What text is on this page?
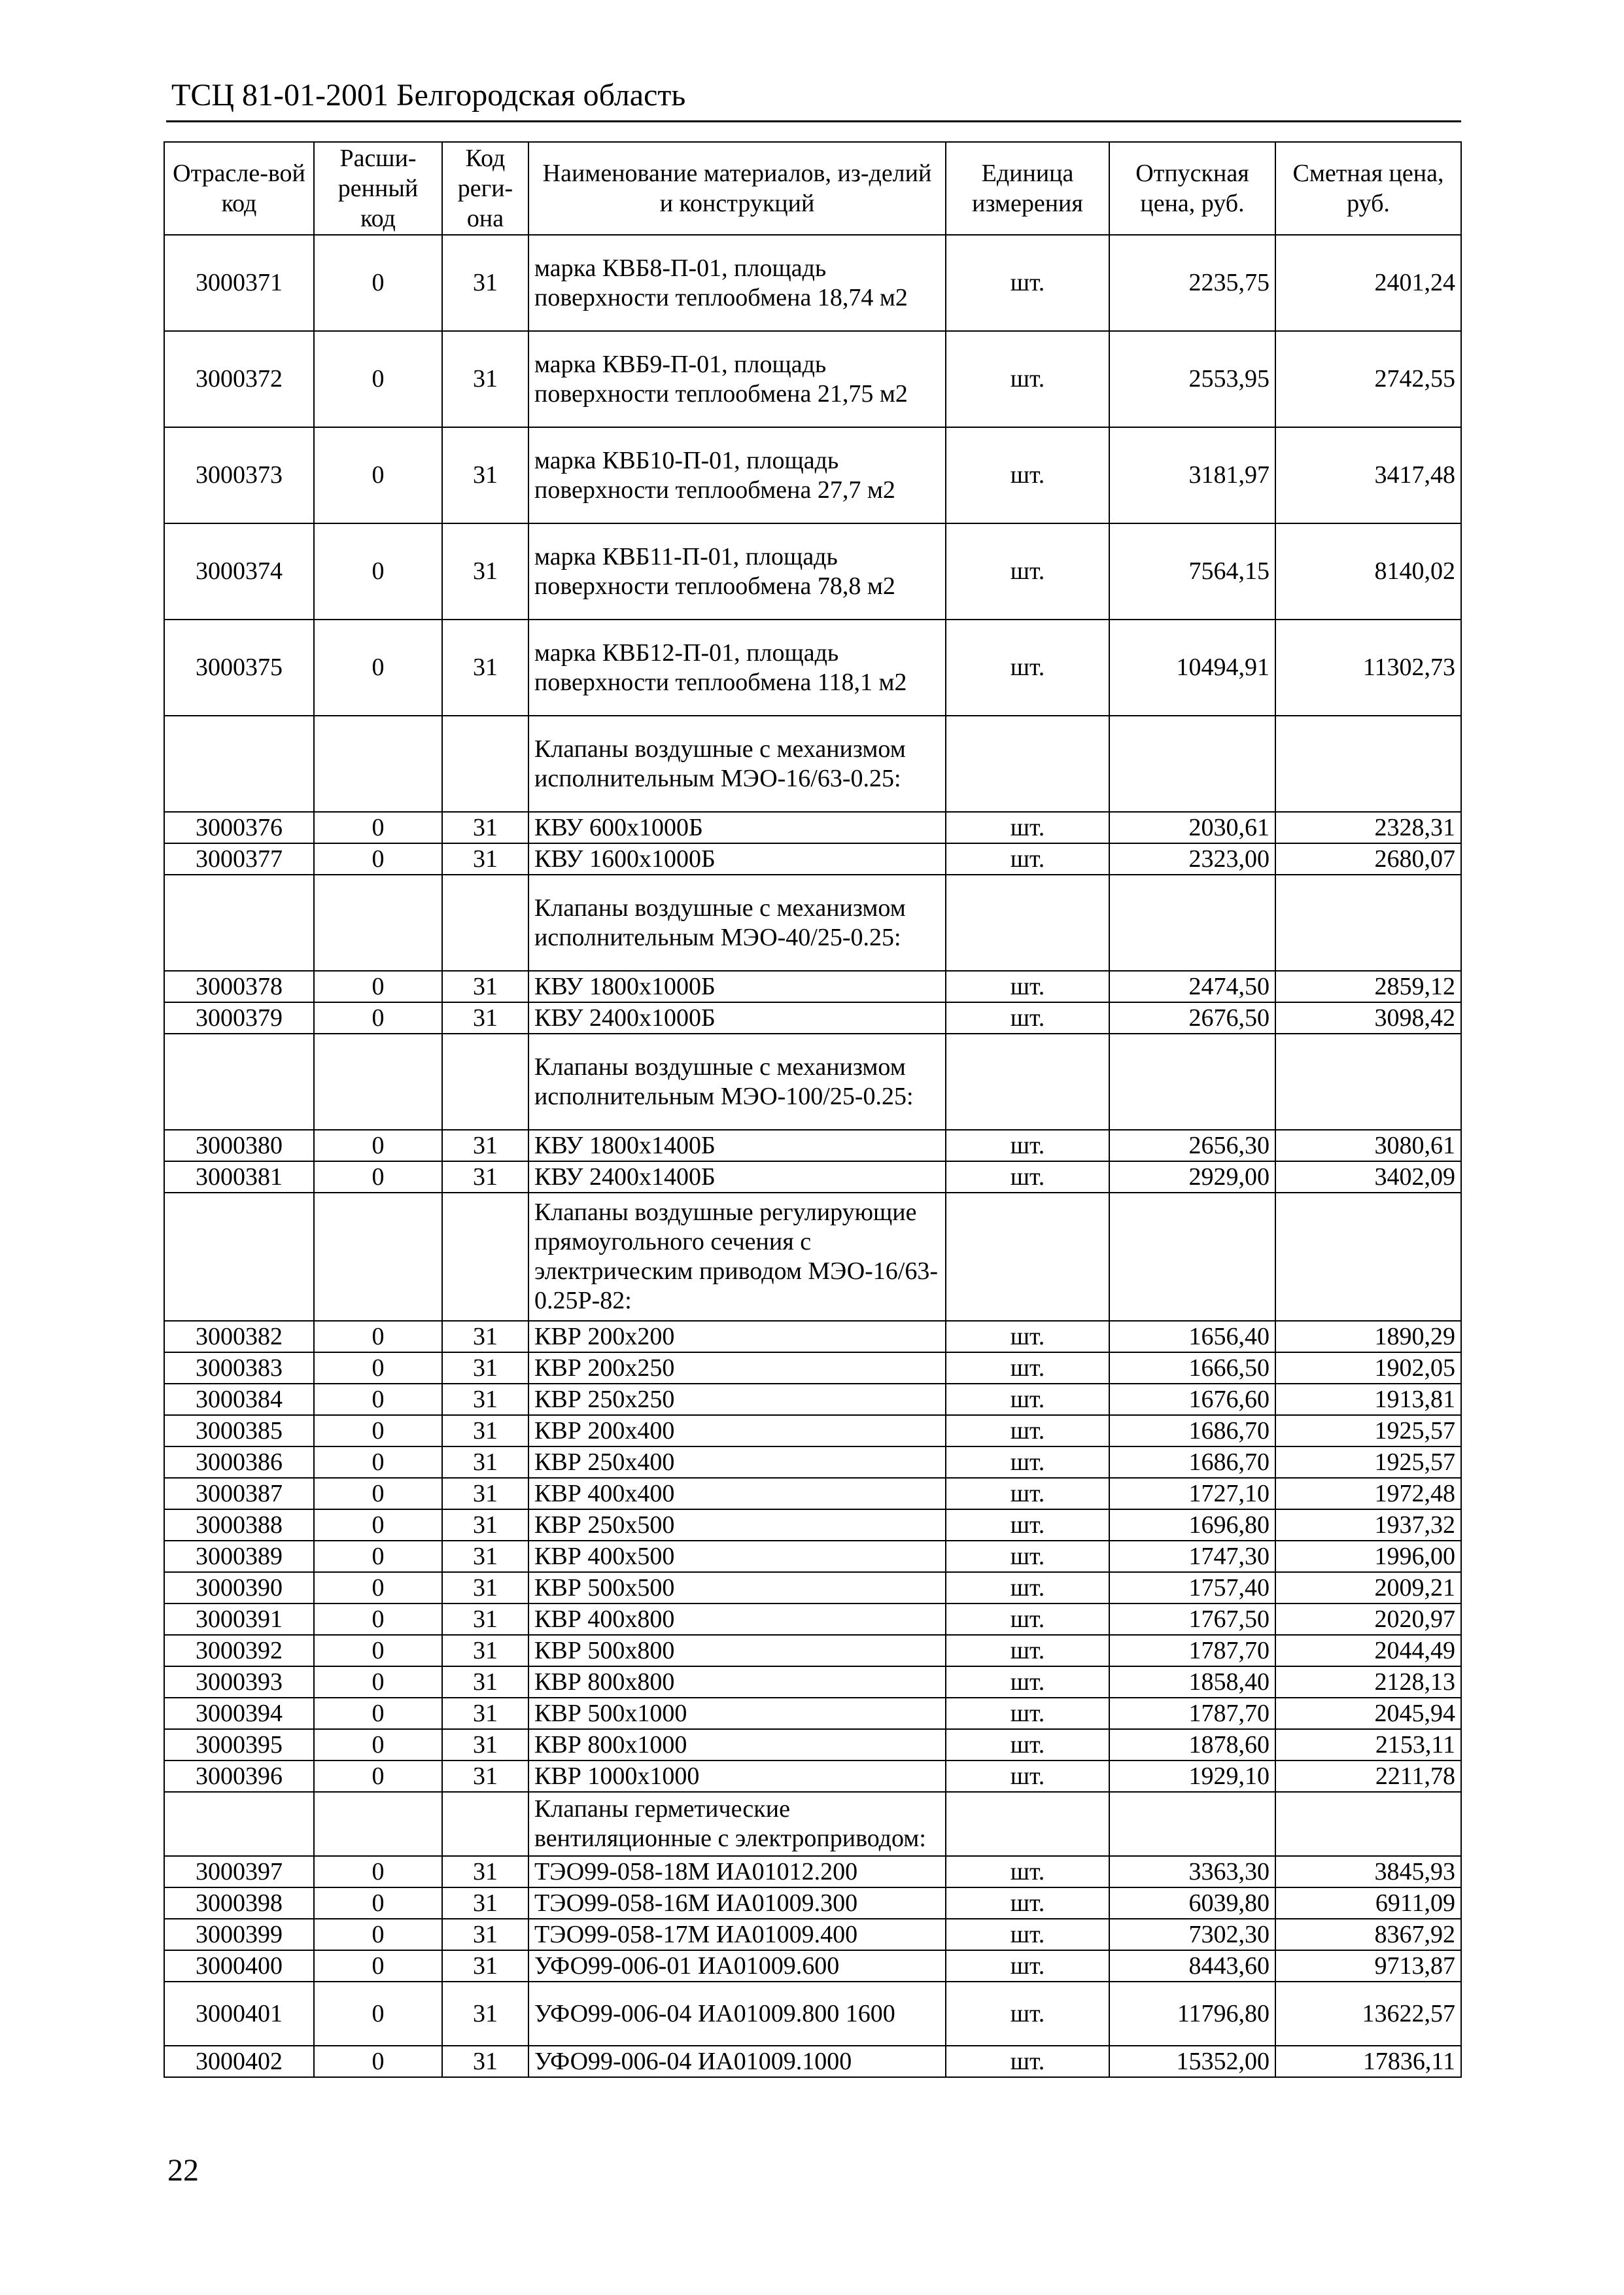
ТСЦ 81-01-2001 Белгородская область
Отрасле-вой код	Расши-ренный код	Код реги-она	Наименование материалов, из-делий и конструкций	Единица измерения	Отпускная цена, руб.	Сметная цена, руб.
3000371	0	31	марка КВБ8-П-01, площадь поверхности теплообмена 18,74 м2	шт.	2235,75	2401,24
3000372	0	31	марка КВБ9-П-01, площадь поверхности теплообмена 21,75 м2	шт.	2553,95	2742,55
3000373	0	31	марка КВБ10-П-01, площадь поверхности теплообмена 27,7 м2	шт.	3181,97	3417,48
3000374	0	31	марка КВБ11-П-01, площадь поверхности теплообмена 78,8 м2	шт.	7564,15	8140,02
3000375	0	31	марка КВБ12-П-01, площадь поверхности теплообмена 118,1 м2	шт.	10494,91	11302,73
			Клапаны воздушные с механизмом исполнительным МЭО-16/63-0.25:			
3000376	0	31	КВУ 600x1000Б	шт.	2030,61	2328,31
3000377	0	31	КВУ 1600x1000Б	шт.	2323,00	2680,07
			Клапаны воздушные с механизмом исполнительным МЭО-40/25-0.25:			
3000378	0	31	КВУ 1800x1000Б	шт.	2474,50	2859,12
3000379	0	31	КВУ 2400x1000Б	шт.	2676,50	3098,42
			Клапаны воздушные с механизмом исполнительным МЭО-100/25-0.25:			
3000380	0	31	КВУ 1800x1400Б	шт.	2656,30	3080,61
3000381	0	31	КВУ 2400x1400Б	шт.	2929,00	3402,09
			Клапаны воздушные регулирующие прямоугольного сечения с электрическим приводом МЭО-16/63-0.25Р-82:			
3000382	0	31	КВР 200x200	шт.	1656,40	1890,29
3000383	0	31	КВР 200x250	шт.	1666,50	1902,05
3000384	0	31	КВР 250x250	шт.	1676,60	1913,81
3000385	0	31	КВР 200x400	шт.	1686,70	1925,57
3000386	0	31	КВР 250x400	шт.	1686,70	1925,57
3000387	0	31	КВР 400x400	шт.	1727,10	1972,48
3000388	0	31	КВР 250x500	шт.	1696,80	1937,32
3000389	0	31	КВР 400x500	шт.	1747,30	1996,00
3000390	0	31	КВР 500x500	шт.	1757,40	2009,21
3000391	0	31	КВР 400x800	шт.	1767,50	2020,97
3000392	0	31	КВР 500x800	шт.	1787,70	2044,49
3000393	0	31	КВР 800x800	шт.	1858,40	2128,13
3000394	0	31	КВР 500x1000	шт.	1787,70	2045,94
3000395	0	31	КВР 800x1000	шт.	1878,60	2153,11
3000396	0	31	КВР 1000x1000	шт.	1929,10	2211,78
			Клапаны герметические вентиляционные с электроприводом:			
3000397	0	31	ТЭО99-058-18М ИА01012.200	шт.	3363,30	3845,93
3000398	0	31	ТЭО99-058-16М ИА01009.300	шт.	6039,80	6911,09
3000399	0	31	ТЭО99-058-17М ИА01009.400	шт.	7302,30	8367,92
3000400	0	31	УФО99-006-01 ИА01009.600	шт.	8443,60	9713,87
3000401	0	31	УФО99-006-04 ИА01009.800 1600	шт.	11796,80	13622,57
3000402	0	31	УФО99-006-04 ИА01009.1000	шт.	15352,00	17836,11
22
